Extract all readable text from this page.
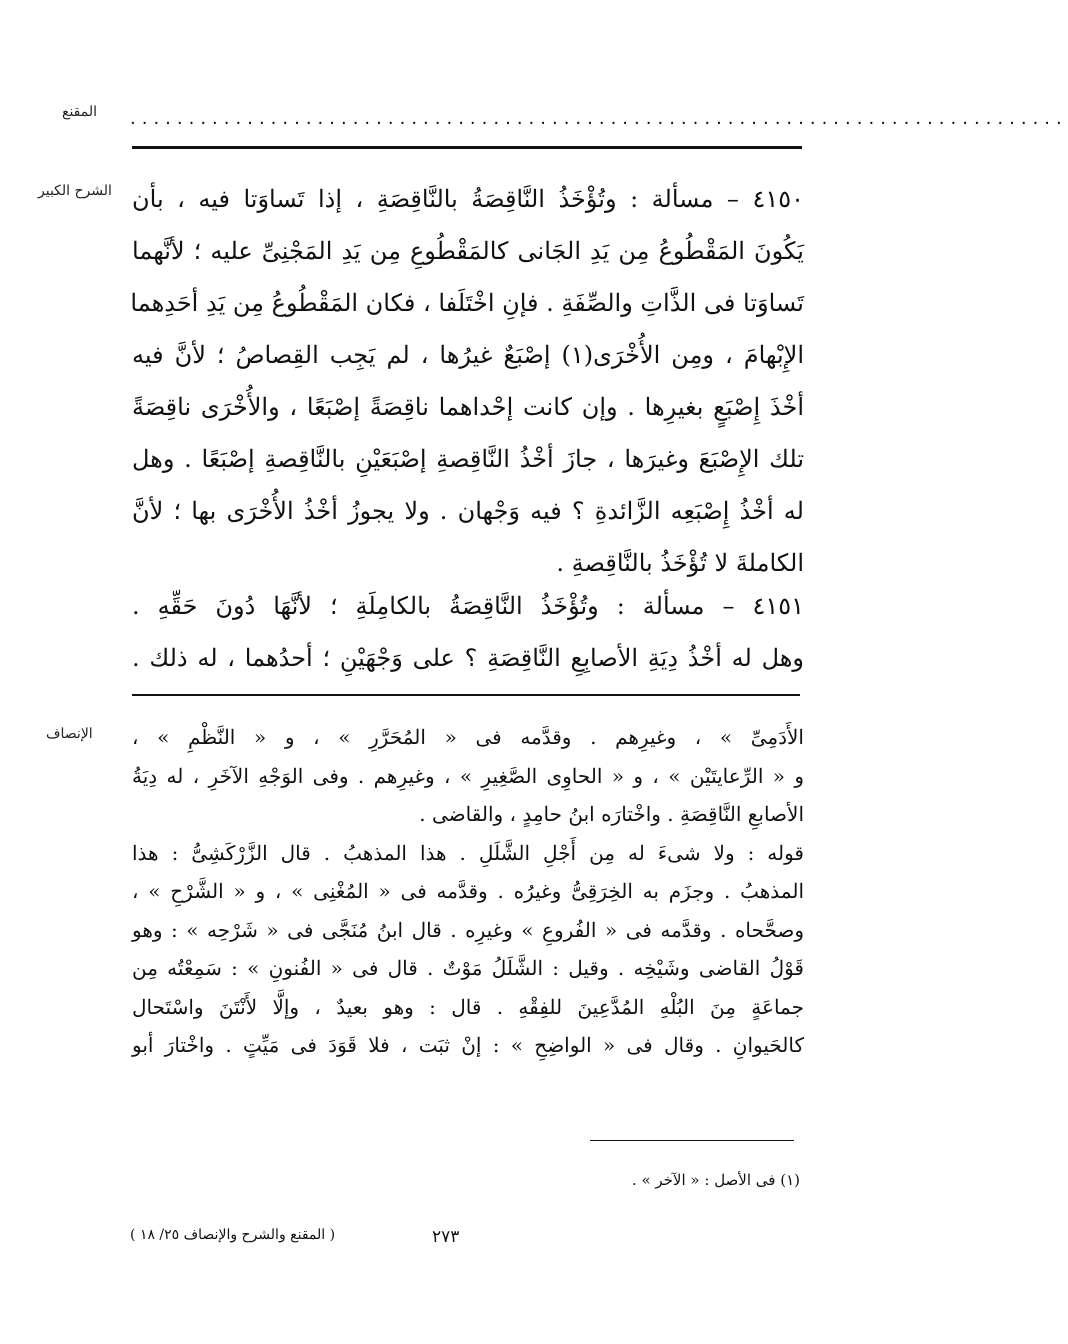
المقنع ................................................................................
الشرح الكبير ٤١٥٠ – مسألة : وتُؤْخَذُ النَّاقِصَةُ بالنَّاقِصَةِ ، إذا تَساوَتا فيه ، بأن
يَكُونَ المَقْطُوعُ مِن يَدِ الجَانى كالمَقْطُوعِ مِن يَدِ المَجْنِىِّ عليه ؛ لأنَّهما
تَساوَتا فى الذَّاتِ والصِّفَةِ . فإنِ اخْتَلَفا ، فكان المَقْطُوعُ مِن يَدِ أحَدِهما
الإِبْهامَ ، ومِن الأُخْرَى(١) إصْبَعٌ غيرُها ، لم يَجِب القِصاصُ ؛ لأنَّ فيه
أخْذَ إِصْبَعٍ بغيرِها . وإن كانت إحْداهما ناقِصَةً إصْبَعًا ، والأُخْرَى ناقِصَةً
تلك الإِصْبَعَ وغيرَها ، جازَ أخْذُ النَّاقِصةِ إصْبَعَيْنِ بالنَّاقِصةِ إصْبَعًا . وهل
له أخْذُ إِصْبَعِه الزَّائدةِ ؟ فيه وَجْهان . ولا يجوزُ أخْذُ الأُخْرَى بها ؛ لأنَّ
الكاملةَ لا تُؤْخَذُ بالنَّاقِصةِ .
٤١٥١ – مسألة : وتُؤْخَذُ النَّاقِصَةُ بالكامِلَةِ ؛ لأنَّهَا دُونَ حَقِّهِ .
وهل له أخْذُ دِيَةِ الأصابِعِ النَّاقِصَةِ ؟ على وَجْهَيْنِ ؛ أحدُهما ، له ذلك .
الإنصاف الأَدَمِىِّ » ، وغيرِهم . وقدَّمه فى « المُحَرَّرِ » ، و « النَّظْمِ » ،
و « الرِّعايتَيْن » ، و « الحاوِى الصَّغِيرِ » ، وغيرِهم . وفى الوَجْهِ الآخَرِ ، له دِيَةُ
الأصابعِ النَّاقِصَةِ . واخْتارَه ابنُ حامِدٍ ، والقاضى .
قوله : ولا شىءَ له مِن أَجْلِ الشَّلَلِ . هذا المذهبُ . قال الزَّرْكَشِىُّ : هذا
المذهبُ . وجزَم به الخِرَقِىُّ وغيرُه . وقدَّمه فى « المُغْنِى » ، و « الشَّرْحِ » ،
وصحَّحاه . وقدَّمه فى « الفُروعِ » وغيرِه . قال ابنُ مُنَجَّى فى « شَرْحِه » : وهو
قَوْلُ القاضى وشَيْخِه . وقيل : الشَّلَلُ مَوْتٌ . قال فى « الفُنونِ » : سَمِعْتُه مِن
جماعَةٍ مِنَ البُلْهِ المُدَّعِينَ للفِقْهِ . قال : وهو بعيدٌ ، وإلَّا لأَنْتَنَ واسْتَحال
كالحَيوانِ . وقال فى « الواضِحِ » : إنْ ثبَت ، فلا قَوَدَ فى مَيِّتٍ . واخْتارَ أبو
(١) فى الأصل : « الآخر » .
٢٧٣
( المقنع والشرح والإنصاف ٢٥/ ١٨ )
